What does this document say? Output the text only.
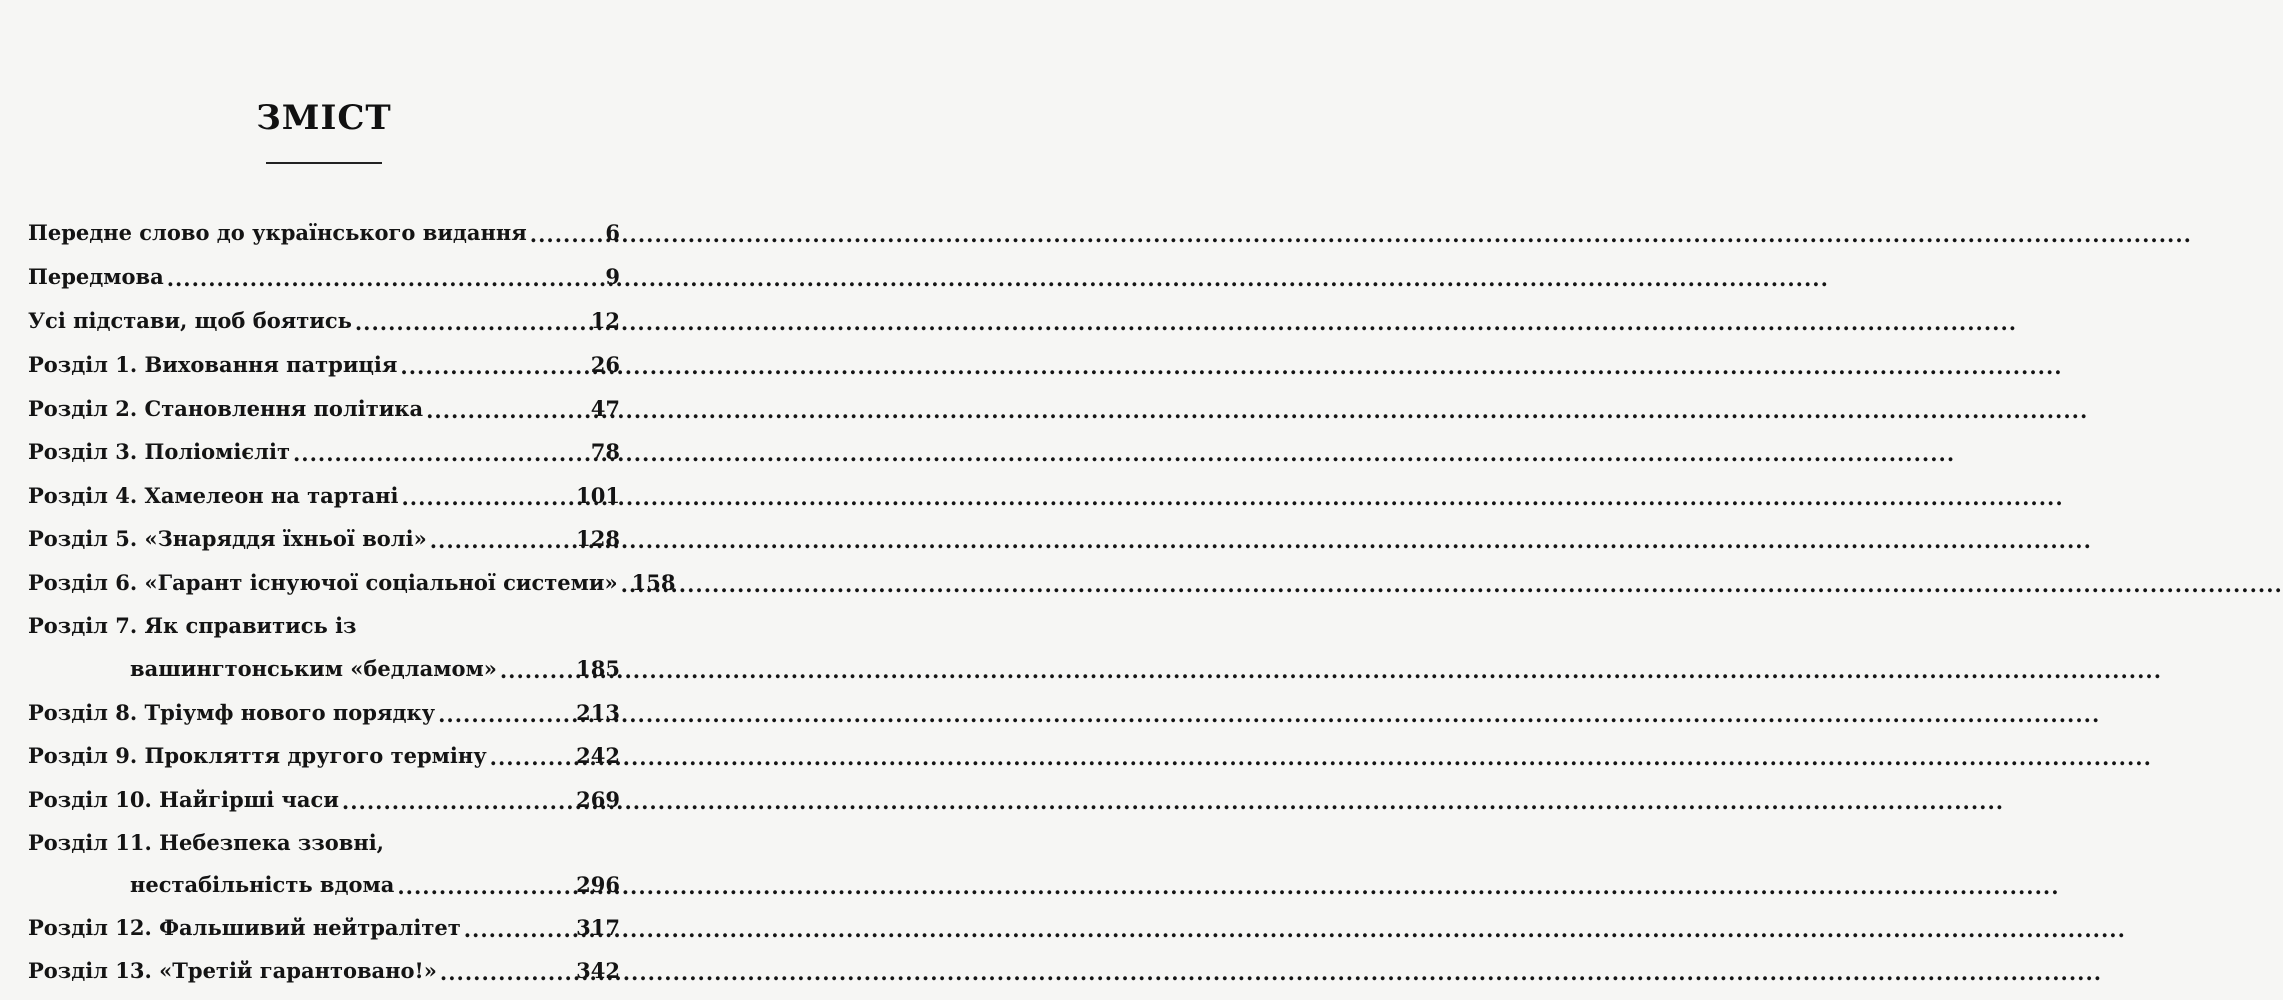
ЗМІСТ
Передне слово до українського видання .....	6
Передмова .....	9
Усі підстави, щоб боятись .....	12
Розділ 1. Виховання патриція .....	26
Розділ 2. Становлення політика .....	47
Розділ 3. Поліомієліт .....	78
Розділ 4. Хамелеон на тартані .....	101
Розділ 5. «Знаряддя їхньої волі» .....	128
Розділ 6. «Гарант існуючої соціальної системи» ..... 158
Розділ 7. Як справитись із
вашингтонським «бедламом» .....	185
Розділ 8. Тріумф нового порядку .....	213
Розділ 9. Прокляття другого терміну .....	242
Розділ 10. Найгірші часи .....	269
Розділ 11. Небезпека ззовні,
нестабільність вдома .....	296
Розділ 12. Фальшивий нейтралітет .....	317
Розділ 13. «Третій гарантовано!» .....	342
